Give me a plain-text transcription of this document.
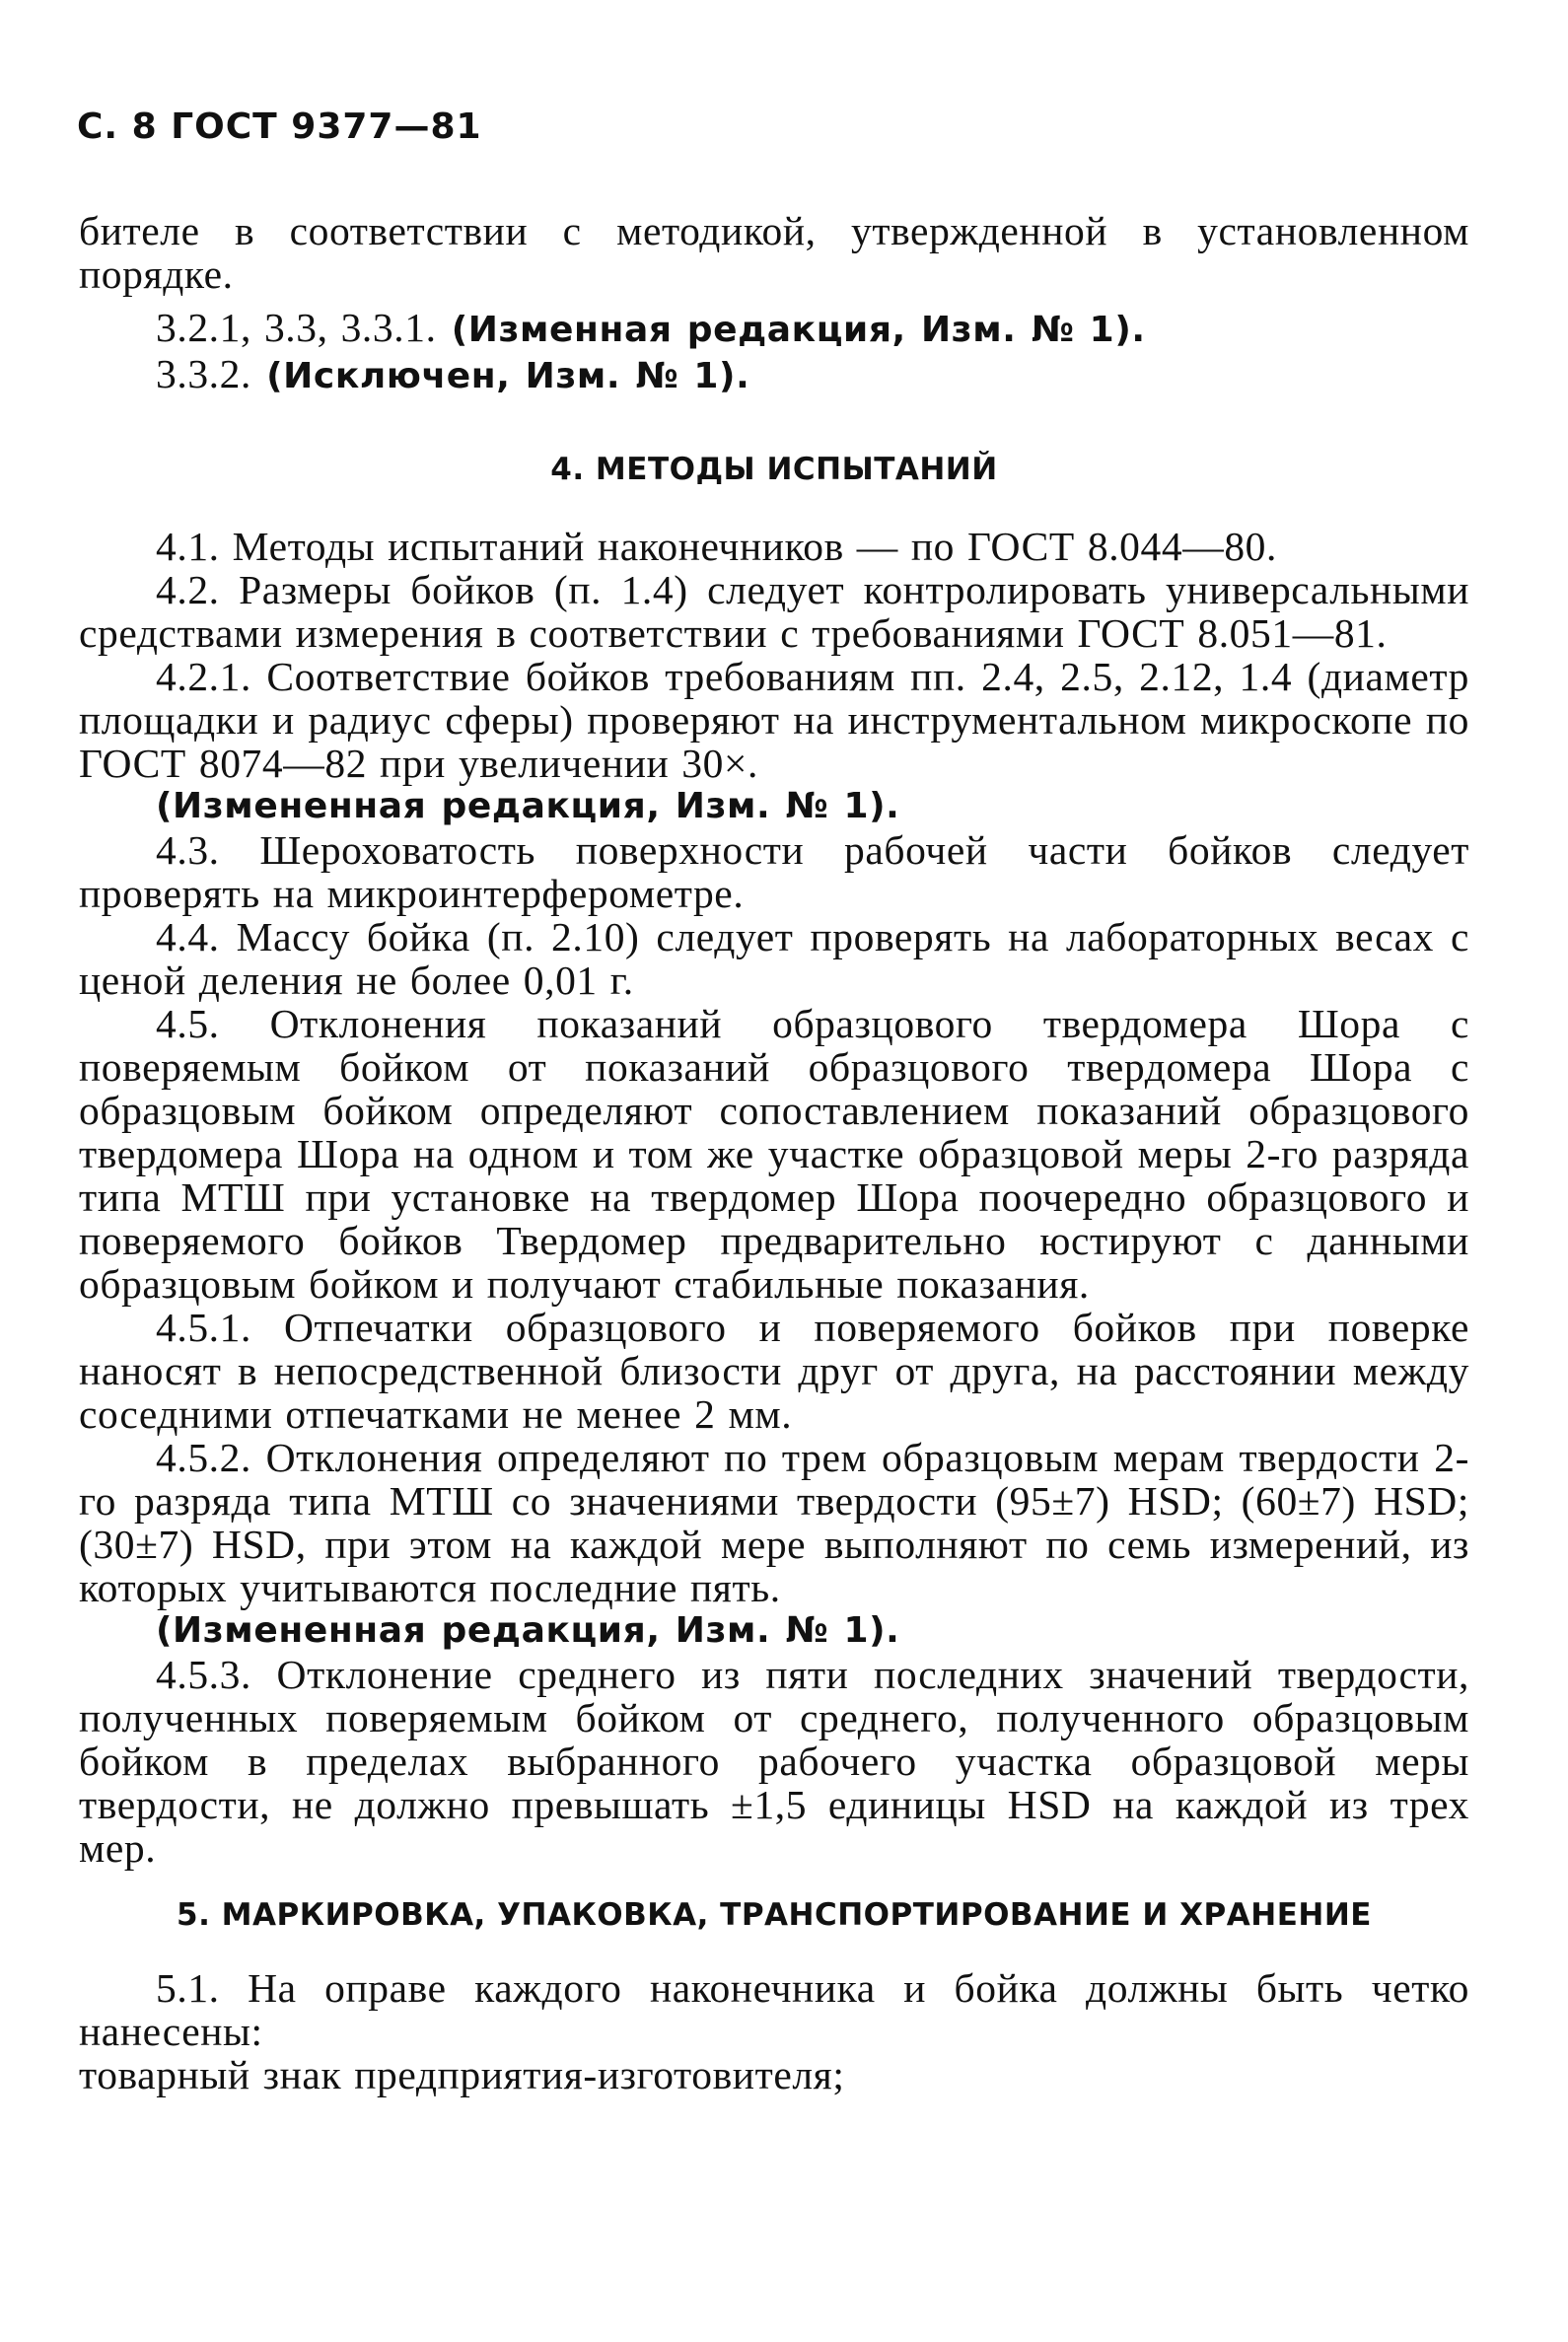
С. 8 ГОСТ 9377—81

бителе в соответствии с методикой, утвержденной в установленном порядке.

3.2.1, 3.3, 3.3.1. (Изменная редакция, Изм. № 1).

3.3.2. (Исключен, Изм. № 1).

4. МЕТОДЫ ИСПЫТАНИЙ

4.1. Методы испытаний наконечников — по ГОСТ 8.044—80.

4.2. Размеры бойков (п. 1.4) следует контролировать универсальными средствами измерения в соответствии с требованиями ГОСТ 8.051—81.

4.2.1. Соответствие бойков требованиям пп. 2.4, 2.5, 2.12, 1.4 (диаметр площадки и радиус сферы) проверяют на инструментальном микроскопе по ГОСТ 8074—82 при увеличении 30×.

(Измененная редакция, Изм. № 1).

4.3. Шероховатость поверхности рабочей части бойков следует проверять на микроинтерферометре.

4.4. Массу бойка (п. 2.10) следует проверять на лабораторных весах с ценой деления не более 0,01 г.

4.5. Отклонения показаний образцового твердомера Шора с поверяемым бойком от показаний образцового твердомера Шора с образцовым бойком определяют сопоставлением показаний образцового твердомера Шора на одном и том же участке образцовой меры 2-го разряда типа МТШ при установке на твердомер Шора поочередно образцового и поверяемого бойков Твердомер предварительно юстируют с данными образцовым бойком и получают стабильные показания.

4.5.1. Отпечатки образцового и поверяемого бойков при поверке наносят в непосредственной близости друг от друга, на расстоянии между соседними отпечатками не менее 2 мм.

4.5.2. Отклонения определяют по трем образцовым мерам твердости 2-го разряда типа МТШ со значениями твердости (95±7) HSD; (60±7) HSD; (30±7) HSD, при этом на каждой мере выполняют по семь измерений, из которых учитываются последние пять.

(Измененная редакция, Изм. № 1).

4.5.3. Отклонение среднего из пяти последних значений твердости, полученных поверяемым бойком от среднего, полученного образцовым бойком в пределах выбранного рабочего участка образцовой меры твердости, не должно превышать ±1,5 единицы HSD на каждой из трех мер.

5. МАРКИРОВКА, УПАКОВКА, ТРАНСПОРТИРОВАНИЕ И ХРАНЕНИЕ

5.1. На оправе каждого наконечника и бойка должны быть четко нанесены:

товарный знак предприятия-изготовителя;
